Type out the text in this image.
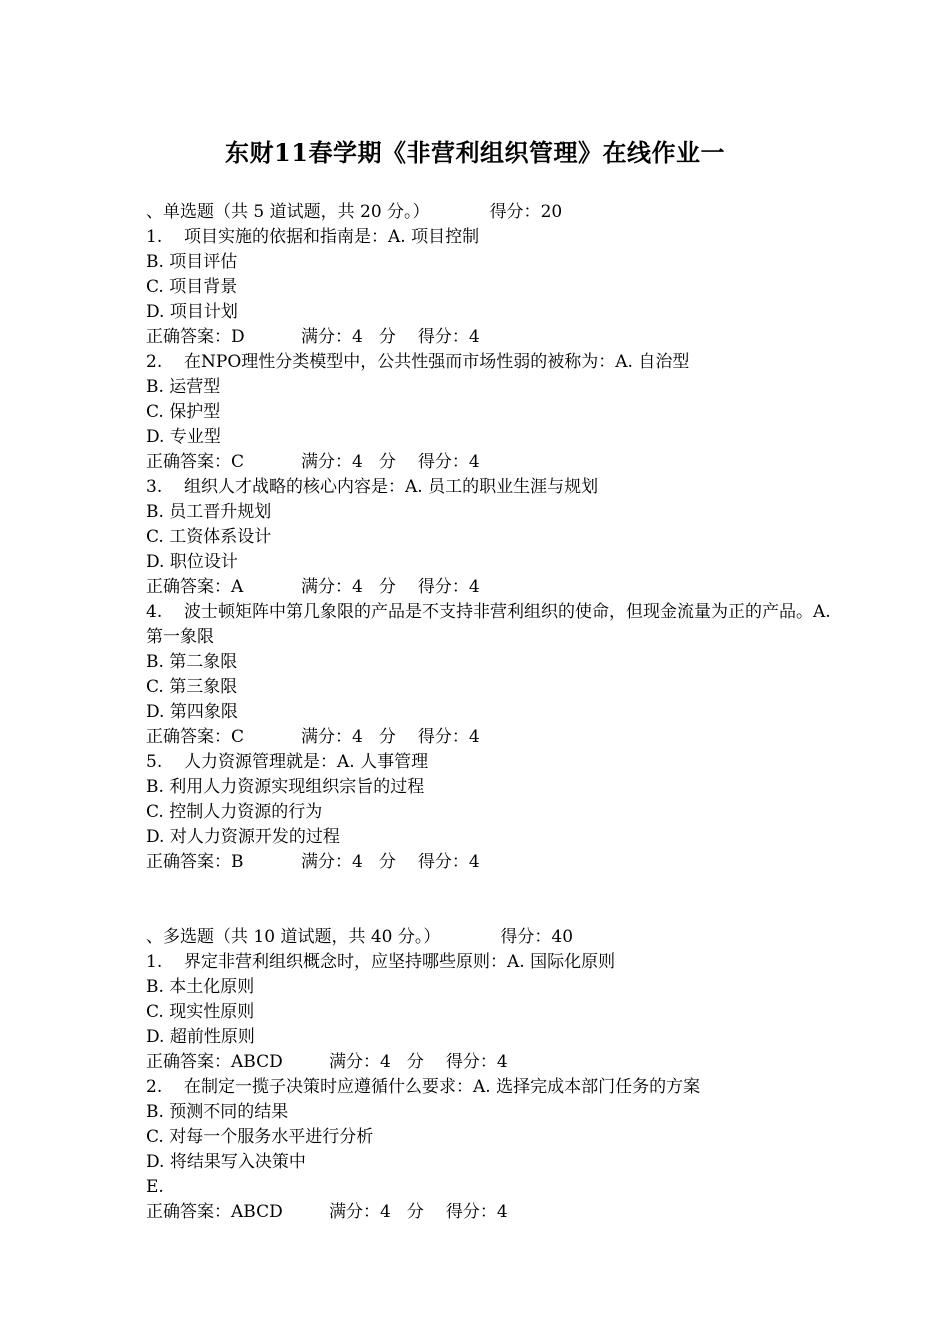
东财11春学期《非营利组织管理》在线作业一

、单选题（共 5 道试题，共 20 分。）	得分：20

1. 项目实施的依据和指南是：A. 项目控制

B. 项目评估

C. 项目背景

D. 项目计划

正确答案：D	满分：4 分 得分：4

2. 在NPO理性分类模型中，公共性强而市场性弱的被称为：A. 自治型

B. 运营型

C. 保护型

D. 专业型

正确答案：C	满分：4 分 得分：4

3. 组织人才战略的核心内容是：A. 员工的职业生涯与规划

B. 员工晋升规划

C. 工资体系设计

D. 职位设计

正确答案：A	满分：4 分 得分：4

4. 波士顿矩阵中第几象限的产品是不支持非营利组织的使命，但现金流量为正的产品。A. 第一象限

B. 第二象限

C. 第三象限

D. 第四象限

正确答案：C	满分：4 分 得分：4

5. 人力资源管理就是：A. 人事管理

B. 利用人力资源实现组织宗旨的过程

C. 控制人力资源的行为

D. 对人力资源开发的过程

正确答案：B	满分：4 分 得分：4

、多选题（共 10 道试题，共 40 分。）	得分：40

1. 界定非营利组织概念时，应坚持哪些原则：A. 国际化原则

B. 本土化原则

C. 现实性原则

D. 超前性原则

正确答案：ABCD	满分：4 分 得分：4

2. 在制定一揽子决策时应遵循什么要求：A. 选择完成本部门任务的方案

B. 预测不同的结果

C. 对每一个服务水平进行分析

D. 将结果写入决策中

E.

正确答案：ABCD	满分：4 分 得分：4
